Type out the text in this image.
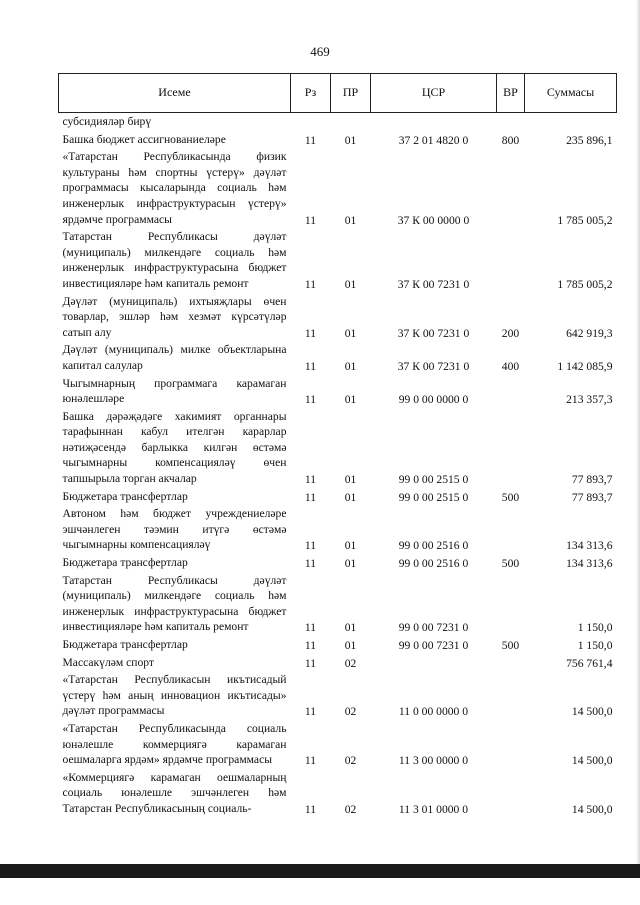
469
Исеме	Рз	ПР	ЦСР	ВР	Суммасы
субсидияләр бирү					
Башка бюджет ассигнованиеләре	11	01	37 2 01 4820 0	800	235 896,1
«Татарстан Республикасында физик культураны һәм спортны үстерү» дәүләт программасы кысаларында социаль һәм инженерлык инфраструктурасын үстерү» ярдәмче программасы	11	01	37 К 00 0000 0		1 785 005,2
Татарстан Республикасы дәүләт (муниципаль) милкендәге социаль һәм инженерлык инфраструктурасына бюджет инвестицияләре һәм капиталь ремонт	11	01	37 К 00 7231 0		1 785 005,2
Дәүләт (муниципаль) ихтыяҗлары өчен товарлар, эшләр һәм хезмәт күрсәтүләр сатып алу	11	01	37 К 00 7231 0	200	642 919,3
Дәүләт (муниципаль) милке объектларына капитал салулар	11	01	37 К 00 7231 0	400	1 142 085,9
Чыгымнарның программага карамаган юнәлешләре	11	01	99 0 00 0000 0		213 357,3
Башка дәрәҗәдәге хакимият органнары тарафыннан кабул ителгән карарлар нәтиҗәсендә барлыкка килгән өстәмә чыгымнарны компенсацияләү өчен тапшырыла торган акчалар	11	01	99 0 00 2515 0		77 893,7
Бюджетара трансфертлар	11	01	99 0 00 2515 0	500	77 893,7
Автоном һәм бюджет учреждениеләре эшчәнлеген тәэмин итүгә өстәмә чыгымнарны компенсацияләү	11	01	99 0 00 2516 0		134 313,6
Бюджетара трансфертлар	11	01	99 0 00 2516 0	500	134 313,6
Татарстан Республикасы дәүләт (муниципаль) милкендәге социаль һәм инженерлык инфраструктурасына бюджет инвестицияләре һәм капиталь ремонт	11	01	99 0 00 7231 0		1 150,0
Бюджетара трансфертлар	11	01	99 0 00 7231 0	500	1 150,0
Массакүләм спорт	11	02			756 761,4
«Татарстан Республикасын икътисадый үстерү һәм аның инновацион икътисады» дәүләт программасы	11	02	11 0 00 0000 0		14 500,0
«Татарстан Республикасында социаль юнәлешле коммерциягә карамаган оешмаларга ярдәм» ярдәмче программасы	11	02	11 3 00 0000 0		14 500,0
«Коммерциягә карамаган оешмаларның социаль юнәлешле эшчәнлеген һәм Татарстан Республикасының социаль-	11	02	11 3 01 0000 0		14 500,0
